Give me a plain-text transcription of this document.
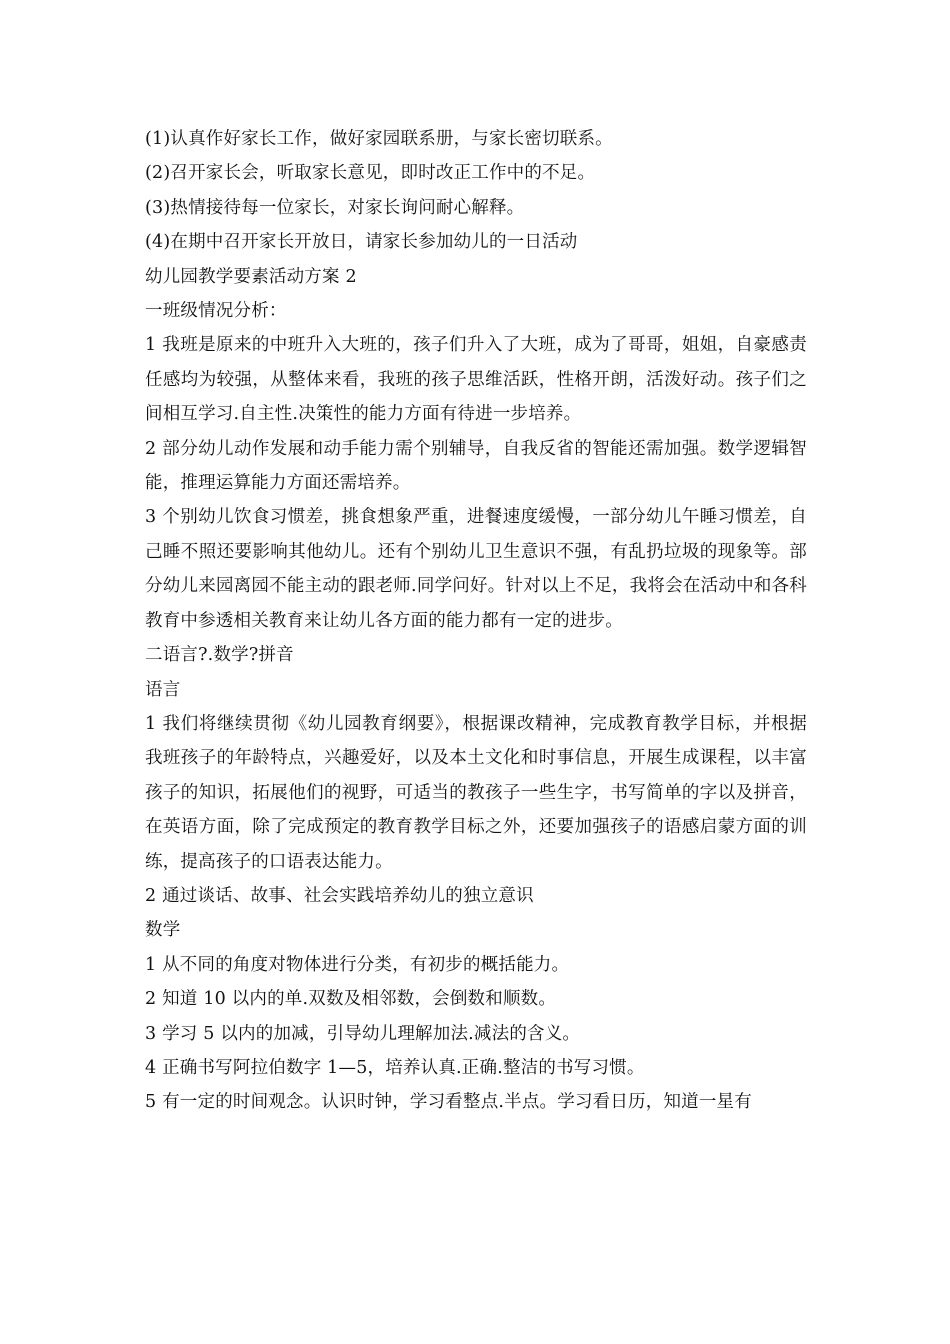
(1)认真作好家长工作，做好家园联系册，与家长密切联系。

(2)召开家长会，听取家长意见，即时改正工作中的不足。

(3)热情接待每一位家长，对家长询问耐心解释。

(4)在期中召开家长开放日，请家长参加幼儿的一日活动

幼儿园教学要素活动方案 2

一班级情况分析：

1 我班是原来的中班升入大班的，孩子们升入了大班，成为了哥哥，姐姐，自豪感责任感均为较强，从整体来看，我班的孩子思维活跃，性格开朗，活泼好动。孩子们之间相互学习.自主性.决策性的能力方面有待进一步培养。

2 部分幼儿动作发展和动手能力需个别辅导，自我反省的智能还需加强。数学逻辑智能，推理运算能力方面还需培养。

3 个别幼儿饮食习惯差，挑食想象严重，进餐速度缓慢，一部分幼儿午睡习惯差，自己睡不照还要影响其他幼儿。还有个别幼儿卫生意识不强，有乱扔垃圾的现象等。部分幼儿来园离园不能主动的跟老师.同学问好。针对以上不足，我将会在活动中和各科教育中参透相关教育来让幼儿各方面的能力都有一定的进步。

二语言?.数学?拼音

语言

1 我们将继续贯彻《幼儿园教育纲要》，根据课改精神，完成教育教学目标，并根据我班孩子的年龄特点，兴趣爱好，以及本土文化和时事信息，开展生成课程，以丰富孩子的知识，拓展他们的视野，可适当的教孩子一些生字，书写简单的字以及拼音，在英语方面，除了完成预定的教育教学目标之外，还要加强孩子的语感启蒙方面的训练，提高孩子的口语表达能力。

2 通过谈话、故事、社会实践培养幼儿的独立意识

数学

1 从不同的角度对物体进行分类，有初步的概括能力。

2 知道 10 以内的单.双数及相邻数，会倒数和顺数。

3 学习 5 以内的加减，引导幼儿理解加法.减法的含义。

4 正确书写阿拉伯数字 1—5，培养认真.正确.整洁的书写习惯。

5 有一定的时间观念。认识时钟，学习看整点.半点。学习看日历，知道一星有
